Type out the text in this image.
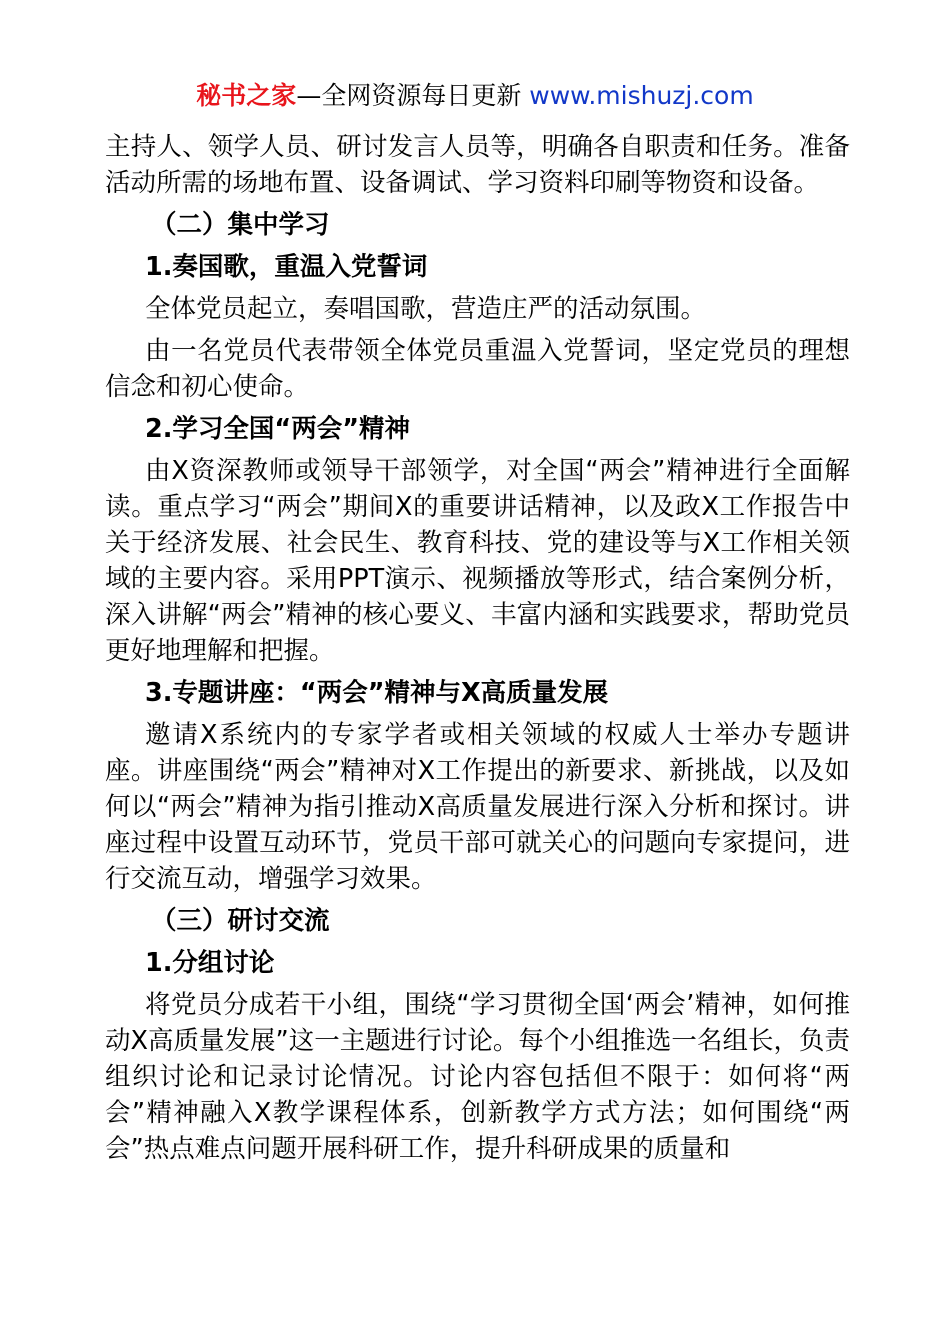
秘书之家—全网资源每日更新 www.mishuzj.com

主持人、领学人员、研讨发言人员等，明确各自职责和任务。准备活动所需的场地布置、设备调试、学习资料印刷等物资和设备。

（二）集中学习

1.奏国歌，重温入党誓词

全体党员起立，奏唱国歌，营造庄严的活动氛围。

由一名党员代表带领全体党员重温入党誓词，坚定党员的理想信念和初心使命。

2.学习全国“两会”精神

由X资深教师或领导干部领学，对全国“两会”精神进行全面解读。重点学习“两会”期间X的重要讲话精神，以及政X工作报告中关于经济发展、社会民生、教育科技、党的建设等与X工作相关领域的主要内容。采用PPT演示、视频播放等形式，结合案例分析，深入讲解“两会”精神的核心要义、丰富内涵和实践要求，帮助党员更好地理解和把握。

3.专题讲座：“两会”精神与X高质量发展

邀请X系统内的专家学者或相关领域的权威人士举办专题讲座。讲座围绕“两会”精神对X工作提出的新要求、新挑战，以及如何以“两会”精神为指引推动X高质量发展进行深入分析和探讨。讲座过程中设置互动环节，党员干部可就关心的问题向专家提问，进行交流互动，增强学习效果。

（三）研讨交流

1.分组讨论

将党员分成若干小组，围绕“学习贯彻全国‘两会’精神，如何推动X高质量发展”这一主题进行讨论。每个小组推选一名组长，负责组织讨论和记录讨论情况。讨论内容包括但不限于：如何将“两会”精神融入X教学课程体系，创新教学方式方法；如何围绕“两会”热点难点问题开展科研工作，提升科研成果的质量和
